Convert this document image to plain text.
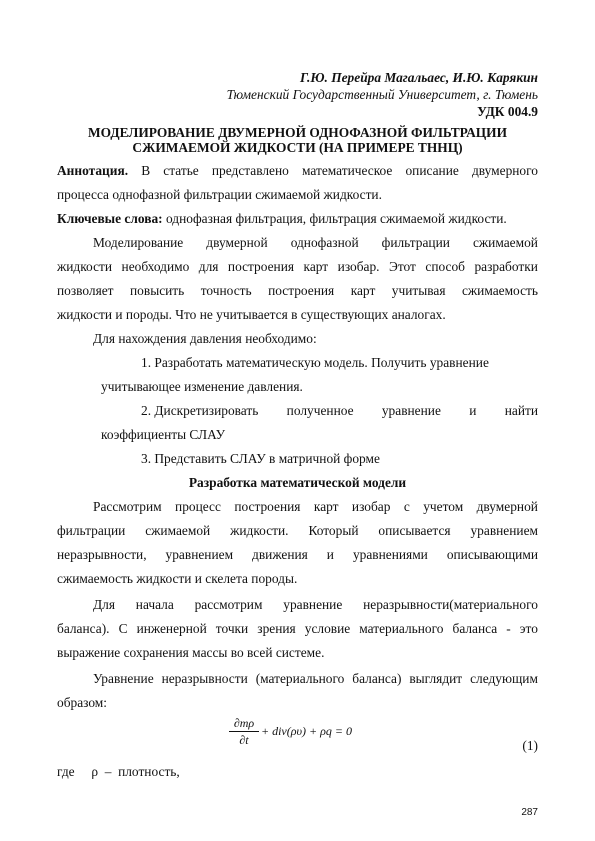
Г.Ю. Перейра Магальаес, И.Ю. Карякин
Тюменский Государственный Университет, г. Тюмень
УДК 004.9
МОДЕЛИРОВАНИЕ ДВУМЕРНОЙ ОДНОФАЗНОЙ ФИЛЬТРАЦИИ
СЖИМАЕМОЙ ЖИДКОСТИ (НА ПРИМЕРЕ ТННЦ)
Аннотация. В статье представлено математическое описание двумерного
процесса однофазной фильтрации сжимаемой жидкости.
Ключевые слова: однофазная фильтрация, фильтрация сжимаемой жидкости.
Моделирование двумерной однофазной фильтрации сжимаемой
жидкости необходимо для построения карт изобар. Этот способ разработки
позволяет повысить точность построения карт учитывая сжимаемость
жидкости и породы. Что не учитывается в существующих аналогах.
Для нахождения давления необходимо:
1. Разработать математическую модель. Получить уравнение
учитывающее изменение давления.
2. Дискретизировать полученное уравнение и найти
коэффициенты СЛАУ
3. Представить СЛАУ в матричной форме
Разработка математической модели
Рассмотрим процесс построения карт изобар с учетом двумерной
фильтрации сжимаемой жидкости. Который описывается уравнением
неразрывности, уравнением движения и уравнениями описывающими
сжимаемость жидкости и скелета породы.
Для начала рассмотрим уравнение неразрывности(материального
баланса). С инженерной точки зрения условие материального баланса - это
выражение сохранения массы во всей системе.
Уравнение неразрывности (материального баланса) выглядит следующим
образом:
∂mρ
∂t
+ div(ρυ) + ρq = 0
(1)
где     ρ  –  плотность,
287
